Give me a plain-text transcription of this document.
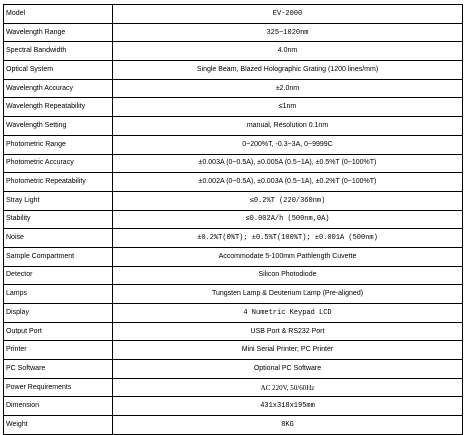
Model	EV-2000
Wavelength Range	325~1020nm
Spectral Bandwidth	4.0nm
Optical System	Single Beam, Blazed Holographic Grating (1200 lines/mm)
Wavelength Accuracy	±2.0nm
Wavelength Repeatability	≤1nm
Wavelength Setting	manual, Resolution 0.1nm
Photometric Range	0~200%T, -0.3~3A, 0~9999C
Photometric Accuracy	±0.003A (0~0.5A), ±0.005A (0.5~1A), ±0.5%T (0~100%T)
Photometric Repeatability	±0.002A (0~0.5A), ±0.003A (0.5~1A), ±0.2%T (0~100%T)
Stray Light	≤0.2%T (220/360nm)
Stability	≤0.002A/h (500nm,0A)
Noise	±0.2%T(0%T); ±0.5%T(100%T); ±0.001A (500nm)
Sample Compartment	Accommodate 5-100mm Pathlength Cuvette
Detector	Silicon Photodiode
Lamps	Tungsten Lamp & Deuterium Lamp (Pre-aligned)
Display	4 Numetric Keypad LCD
Output Port	USB Port & RS232 Port
Printer	Mini Serial Printer; PC Printer
PC Software	Optional PC Software
Power Requirements	AC 220V, 50/60Hz
Dimension	431x318x195mm
Weight	8KG
